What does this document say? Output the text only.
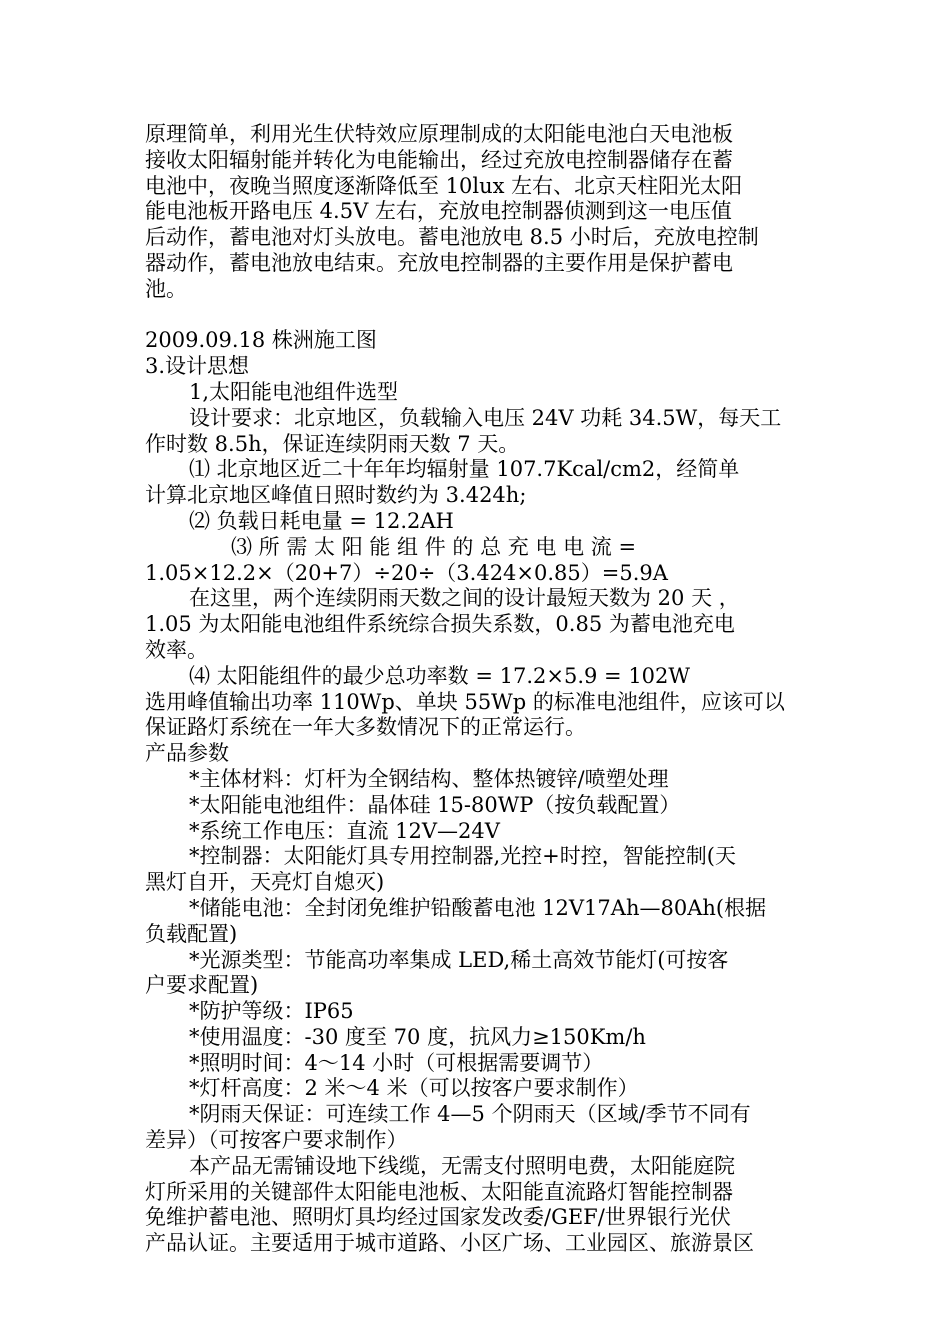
原理简单，利用光生伏特效应原理制成的太阳能电池白天电池板
接收太阳辐射能并转化为电能输出，经过充放电控制器储存在蓄
电池中，夜晚当照度逐渐降低至 10lux 左右、北京天柱阳光太阳
能电池板开路电压 4.5V 左右，充放电控制器侦测到这一电压值
后动作，蓄电池对灯头放电。蓄电池放电 8.5 小时后，充放电控制
器动作，蓄电池放电结束。充放电控制器的主要作用是保护蓄电
池。
2009.09.18 株洲施工图
3.设计思想
1,太阳能电池组件选型
设计要求：北京地区，负载输入电压 24V 功耗 34.5W，每天工
作时数 8.5h，保证连续阴雨天数 7 天。
⑴ 北京地区近二十年年均辐射量 107.7Kcal/cm2，经简单
计算北京地区峰值日照时数约为 3.424h;
⑵ 负载日耗电量 = 12.2AH
⑶ 所 需 太 阳 能 组 件 的 总 充 电 电 流 =
1.05×12.2×（20+7）÷20÷（3.424×0.85）=5.9A
在这里，两个连续阴雨天数之间的设计最短天数为 20 天 ，
1.05 为太阳能电池组件系统综合损失系数，0.85 为蓄电池充电
效率。
⑷ 太阳能组件的最少总功率数 = 17.2×5.9 = 102W
选用峰值输出功率 110Wp、单块 55Wp 的标准电池组件，应该可以
保证路灯系统在一年大多数情况下的正常运行。
产品参数
*主体材料：灯杆为全钢结构、整体热镀锌/喷塑处理
*太阳能电池组件：晶体硅 15-80WP（按负载配置）
*系统工作电压：直流 12V—24V
*控制器：太阳能灯具专用控制器,光控+时控，智能控制(天
黑灯自开，天亮灯自熄灭)
*储能电池：全封闭免维护铅酸蓄电池 12V17Ah—80Ah(根据
负载配置)
*光源类型：节能高功率集成 LED,稀土高效节能灯(可按客
户要求配置)
*防护等级：IP65
*使用温度：-30 度至 70 度，抗风力≥150Km/h
*照明时间：4～14 小时（可根据需要调节）
*灯杆高度：2 米～4 米（可以按客户要求制作）
*阴雨天保证：可连续工作 4—5 个阴雨天（区域/季节不同有
差异）（可按客户要求制作）
本产品无需铺设地下线缆，无需支付照明电费，太阳能庭院
灯所采用的关键部件太阳能电池板、太阳能直流路灯智能控制器
免维护蓄电池、照明灯具均经过国家发改委/GEF/世界银行光伏
产品认证。主要适用于城市道路、小区广场、工业园区、旅游景区
